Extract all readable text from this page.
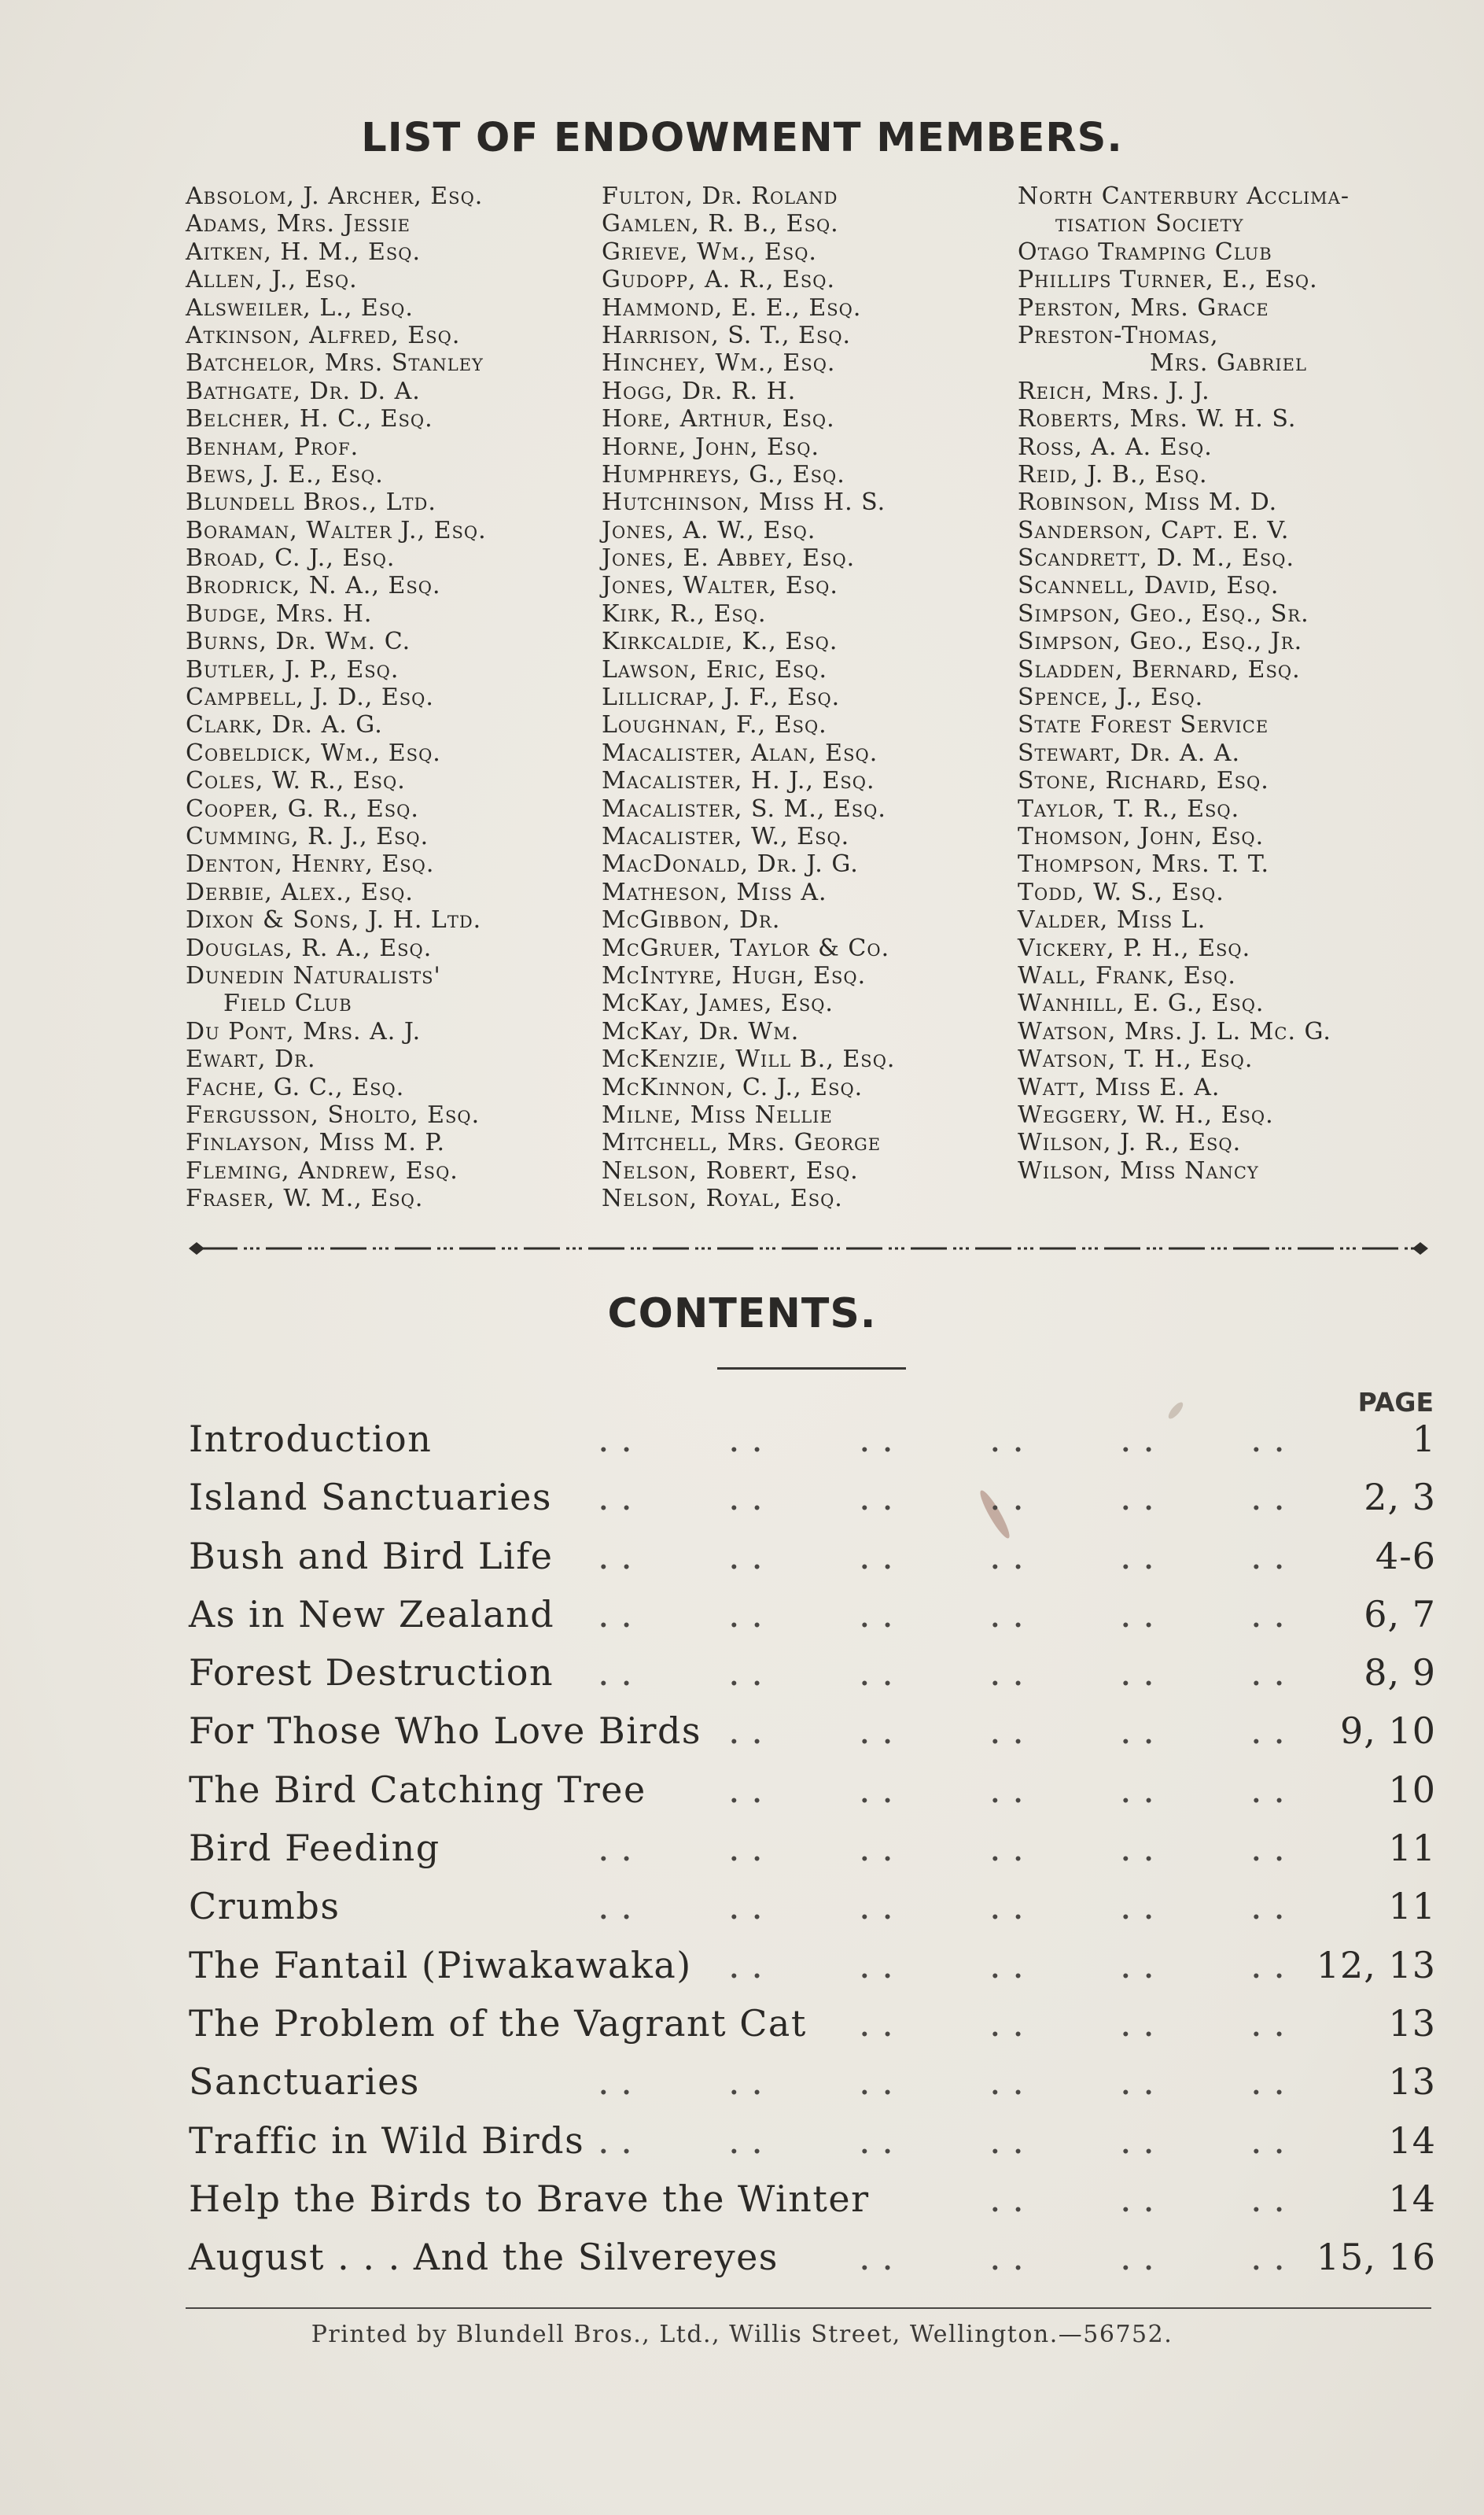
LIST OF ENDOWMENT MEMBERS.
Absolom, J. Archer, Esq.
Adams, Mrs. Jessie
Aitken, H. M., Esq.
Allen, J., Esq.
Alsweiler, L., Esq.
Atkinson, Alfred, Esq.
Batchelor, Mrs. Stanley
Bathgate, Dr. D. A.
Belcher, H. C., Esq.
Benham, Prof.
Bews, J. E., Esq.
Blundell Bros., Ltd.
Boraman, Walter J., Esq.
Broad, C. J., Esq.
Brodrick, N. A., Esq.
Budge, Mrs. H.
Burns, Dr. Wm. C.
Butler, J. P., Esq.
Campbell, J. D., Esq.
Clark, Dr. A. G.
Cobeldick, Wm., Esq.
Coles, W. R., Esq.
Cooper, G. R., Esq.
Cumming, R. J., Esq.
Denton, Henry, Esq.
Derbie, Alex., Esq.
Dixon & Sons, J. H. Ltd.
Douglas, R. A., Esq.
Dunedin Naturalists'
Field Club
Du Pont, Mrs. A. J.
Ewart, Dr.
Fache, G. C., Esq.
Fergusson, Sholto, Esq.
Finlayson, Miss M. P.
Fleming, Andrew, Esq.
Fraser, W. M., Esq.
Fulton, Dr. Roland
Gamlen, R. B., Esq.
Grieve, Wm., Esq.
Gudopp, A. R., Esq.
Hammond, E. E., Esq.
Harrison, S. T., Esq.
Hinchey, Wm., Esq.
Hogg, Dr. R. H.
Hore, Arthur, Esq.
Horne, John, Esq.
Humphreys, G., Esq.
Hutchinson, Miss H. S.
Jones, A. W., Esq.
Jones, E. Abbey, Esq.
Jones, Walter, Esq.
Kirk, R., Esq.
Kirkcaldie, K., Esq.
Lawson, Eric, Esq.
Lillicrap, J. F., Esq.
Loughnan, F., Esq.
Macalister, Alan, Esq.
Macalister, H. J., Esq.
Macalister, S. M., Esq.
Macalister, W., Esq.
MacDonald, Dr. J. G.
Matheson, Miss A.
McGibbon, Dr.
McGruer, Taylor & Co.
McIntyre, Hugh, Esq.
McKay, James, Esq.
McKay, Dr. Wm.
McKenzie, Will B., Esq.
McKinnon, C. J., Esq.
Milne, Miss Nellie
Mitchell, Mrs. George
Nelson, Robert, Esq.
Nelson, Royal, Esq.
North Canterbury Acclima-
tisation Society
Otago Tramping Club
Phillips Turner, E., Esq.
Perston, Mrs. Grace
Preston-Thomas,
Mrs. Gabriel
Reich, Mrs. J. J.
Roberts, Mrs. W. H. S.
Ross, A. A. Esq.
Reid, J. B., Esq.
Robinson, Miss M. D.
Sanderson, Capt. E. V.
Scandrett, D. M., Esq.
Scannell, David, Esq.
Simpson, Geo., Esq., Sr.
Simpson, Geo., Esq., Jr.
Sladden, Bernard, Esq.
Spence, J., Esq.
State Forest Service
Stewart, Dr. A. A.
Stone, Richard, Esq.
Taylor, T. R., Esq.
Thomson, John, Esq.
Thompson, Mrs. T. T.
Todd, W. S., Esq.
Valder, Miss L.
Vickery, P. H., Esq.
Wall, Frank, Esq.
Wanhill, E. G., Esq.
Watson, Mrs. J. L. Mc. G.
Watson, T. H., Esq.
Watt, Miss E. A.
Weggery, W. H., Esq.
Wilson, J. R., Esq.
Wilson, Miss Nancy
CONTENTS.
PAGE
. .	. .	. .	. .	. .	. .
Introduction	1
. .	. .	. .	. .	. .	. .
Island Sanctuaries	2, 3
. .	. .	. .	. .	. .	. .
Bush and Bird Life	4-6
. .	. .	. .	. .	. .	. .
As in New Zealand	6, 7
. .	. .	. .	. .	. .	. .
Forest Destruction	8, 9
. .	. .	. .	. .	. .
For Those Who Love Birds	9, 10
. .	. .	. .	. .	. .
The Bird Catching Tree	10
. .	. .	. .	. .	. .	. .
Bird Feeding	11
. .	. .	. .	. .	. .	. .
Crumbs	11
. .	. .	. .	. .	. .
The Fantail (Piwakawaka)	12, 13
. .	. .	. .	. .
The Problem of the Vagrant Cat	13
. .	. .	. .	. .	. .	. .
Sanctuaries	13
. .	. .	. .	. .	. .	. .
Traffic in Wild Birds	14
. .	. .	. .
Help the Birds to Brave the Winter	14
. .	. .	. .	. .
August . . . And the Silvereyes	15, 16
Printed by Blundell Bros., Ltd., Willis Street, Wellington.—56752.
